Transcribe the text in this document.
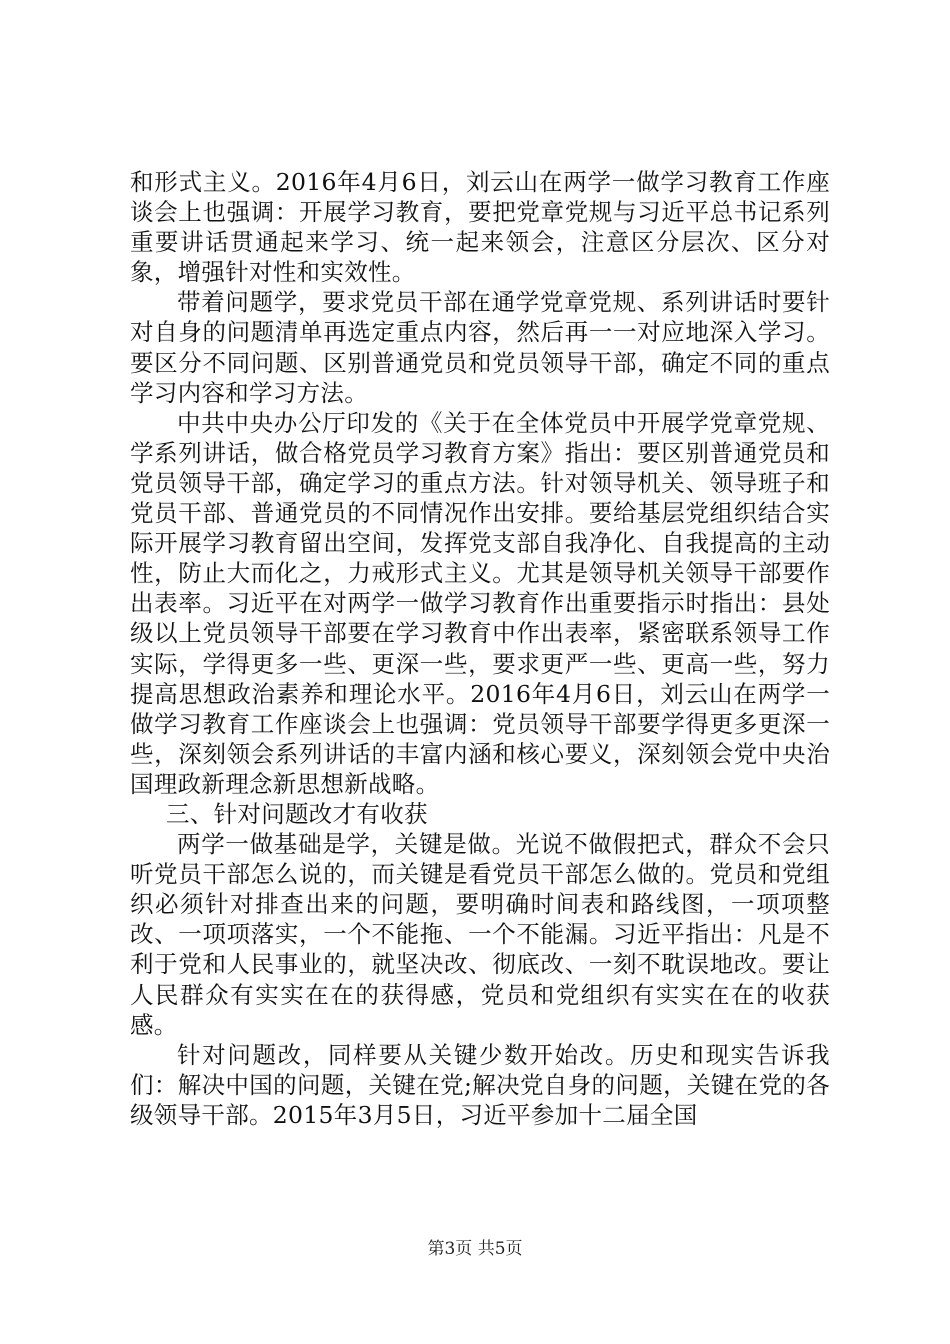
和形式主义。2016年4月6日，刘云山在两学一做学习教育工作座谈会上也强调：开展学习教育，要把党章党规与习近平总书记系列重要讲话贯通起来学习、统一起来领会，注意区分层次、区分对象，增强针对性和实效性。

带着问题学，要求党员干部在通学党章党规、系列讲话时要针对自身的问题清单再选定重点内容，然后再一一对应地深入学习。要区分不同问题、区别普通党员和党员领导干部，确定不同的重点学习内容和学习方法。

中共中央办公厅印发的《关于在全体党员中开展学党章党规、学系列讲话，做合格党员学习教育方案》指出：要区别普通党员和党员领导干部，确定学习的重点方法。针对领导机关、领导班子和党员干部、普通党员的不同情况作出安排。要给基层党组织结合实际开展学习教育留出空间，发挥党支部自我净化、自我提高的主动性，防止大而化之，力戒形式主义。尤其是领导机关领导干部要作出表率。习近平在对两学一做学习教育作出重要指示时指出：县处级以上党员领导干部要在学习教育中作出表率，紧密联系领导工作实际，学得更多一些、更深一些，要求更严一些、更高一些，努力提高思想政治素养和理论水平。2016年4月6日，刘云山在两学一做学习教育工作座谈会上也强调：党员领导干部要学得更多更深一些，深刻领会系列讲话的丰富内涵和核心要义，深刻领会党中央治国理政新理念新思想新战略。

三、针对问题改才有收获

两学一做基础是学，关键是做。光说不做假把式，群众不会只听党员干部怎么说的，而关键是看党员干部怎么做的。党员和党组织必须针对排查出来的问题，要明确时间表和路线图，一项项整改、一项项落实，一个不能拖、一个不能漏。习近平指出：凡是不利于党和人民事业的，就坚决改、彻底改、一刻不耽误地改。要让人民群众有实实在在的获得感，党员和党组织有实实在在的收获感。

针对问题改，同样要从关键少数开始改。历史和现实告诉我们：解决中国的问题，关键在党;解决党自身的问题，关键在党的各级领导干部。2015年3月5日，习近平参加十二届全国

第3页 共5页
